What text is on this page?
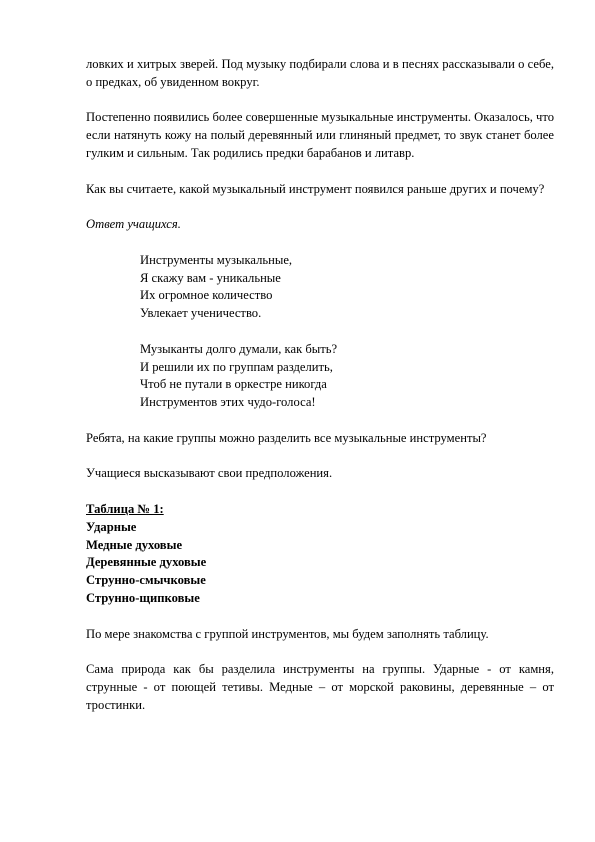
ловких и хитрых зверей. Под музыку подбирали слова и в песнях рассказывали о себе, о предках, об увиденном вокруг.

Постепенно появились более совершенные музыкальные инструменты. Оказалось, что если натянуть кожу на полый деревянный или глиняный предмет, то звук станет более гулким и сильным. Так родились предки барабанов и литавр.

Как вы считаете, какой музыкальный инструмент появился раньше других и почему?

Ответ учащихся.

Инструменты музыкальные,

Я скажу вам - уникальные

Их огромное количество

Увлекает ученичество.

Музыканты долго думали, как быть?

И решили их по группам разделить,

Чтоб не путали в оркестре никогда

Инструментов этих чудо-голоса!

Ребята, на какие группы можно разделить все музыкальные инструменты?

Учащиеся высказывают свои предположения.

Таблица № 1:

Ударные

Медные духовые

Деревянные духовые

Струнно-смычковые

Струнно-щипковые

По мере знакомства с группой инструментов, мы будем заполнять таблицу.

Сама природа как бы разделила инструменты на группы. Ударные - от камня, струнные - от поющей тетивы. Медные – от морской раковины, деревянные – от тростинки.
